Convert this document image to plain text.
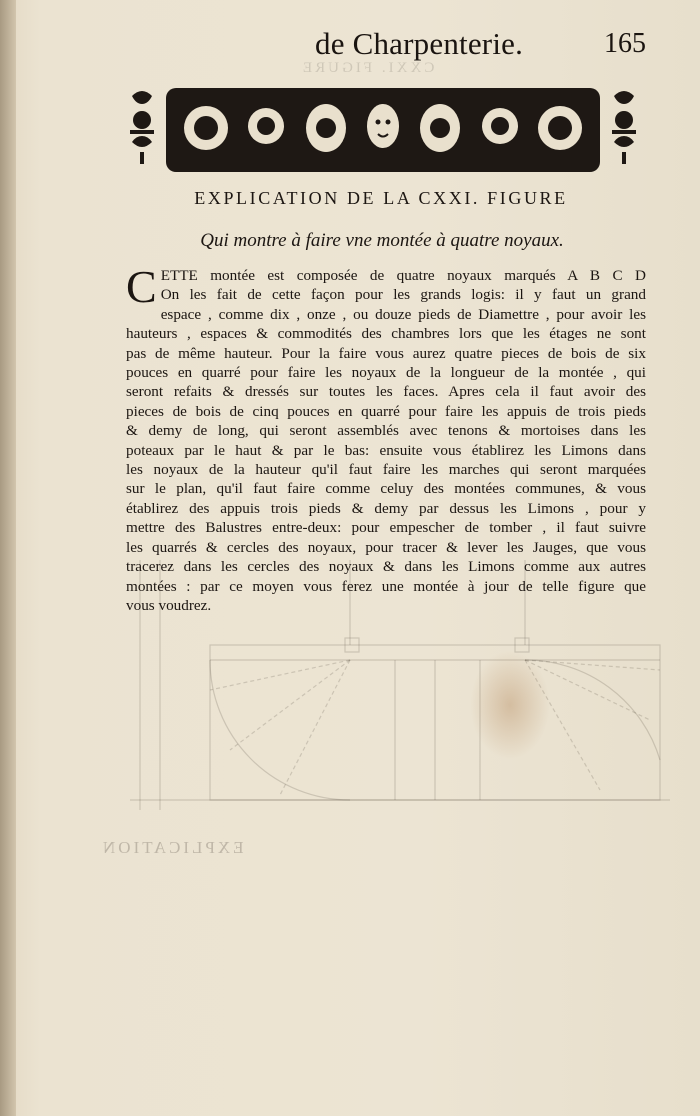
CXXI. FIGURE
de Charpenterie.	165
EXPLICATION DE LA CXXI. FIGURE
Qui montre à faire vne montée à quatre noyaux.
C ETTE montée est composée de quatre noyaux marqués A B C D
On les fait de cette façon pour les grands logis: il y faut un grand
espace , comme dix , onze , ou douze pieds de Diamettre , pour avoir les
hauteurs , espaces & commodités des chambres lors que les étages ne sont
pas de même hauteur. Pour la faire vous aurez quatre pieces de bois de six
pouces en quarré pour faire les noyaux de la longueur de la montée , qui
seront refaits & dressés sur toutes les faces. Apres cela il faut avoir des
pieces de bois de cinq pouces en quarré pour faire les appuis de trois pieds
& demy de long, qui seront assemblés avec tenons & mortoises dans les
poteaux par le haut & par le bas: ensuite vous établirez les Limons dans
les noyaux de la hauteur qu'il faut faire les marches qui seront marquées
sur le plan, qu'il faut faire comme celuy des montées communes, & vous
établirez des appuis trois pieds & demy par dessus les Limons , pour y
mettre des Balustres entre-deux: pour empescher de tomber , il faut suivre
les quarrés & cercles des noyaux, pour tracer & lever les Jauges, que vous
tracerez dans les cercles des noyaux & dans les Limons comme aux autres
montées : par ce moyen vous ferez une montée à jour de telle figure que
vous voudrez.
EXPLICATION
